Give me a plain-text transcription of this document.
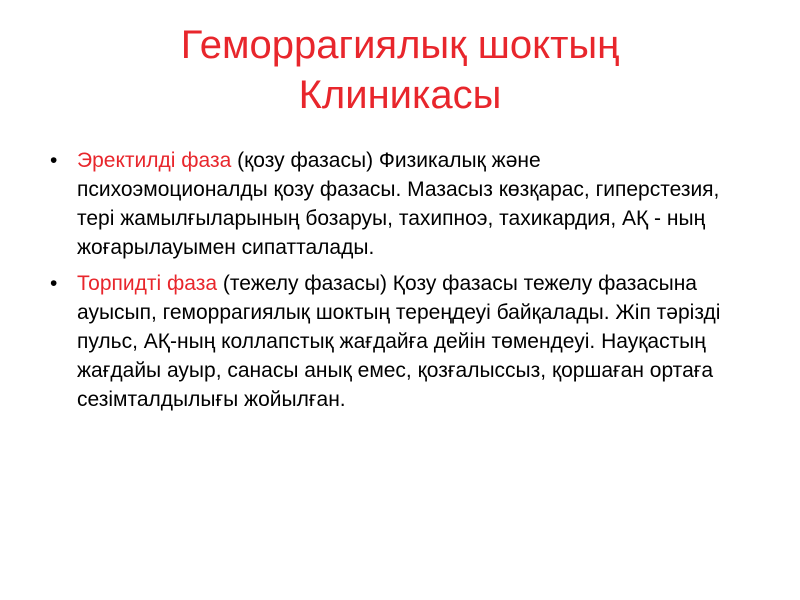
Геморрагиялық шоктың
Клиникасы
• Эректилді фаза (қозу фазасы) Физикалық және психоэмоционалды қозу фазасы. Мазасыз көзқарас, гиперстезия, тері жамылғыларының бозаруы, тахипноэ, тахикардия, АҚ - ның жоғарылауымен сипатталады.
• Торпидті фаза (тежелу фазасы) Қозу фазасы тежелу фазасына ауысып, геморрагиялық шоктың тереңдеуі байқалады. Жіп тәрізді пульс, АҚ-ның коллапстық жағдайға дейін төмендеуі. Науқастың жағдайы ауыр, санасы анық емес, қозғалыссыз, қоршаған ортаға сезімталдылығы жойылған.
